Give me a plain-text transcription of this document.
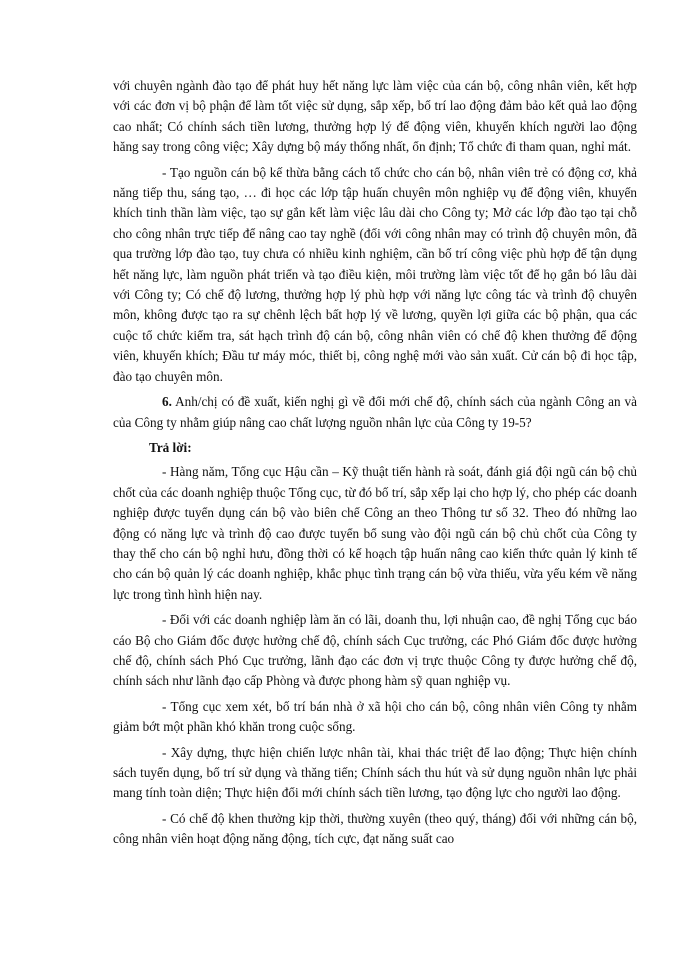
với chuyên ngành đào tạo để phát huy hết năng lực làm việc của cán bộ, công nhân viên, kết hợp với các đơn vị bộ phận để làm tốt việc sử dụng, sắp xếp, bố trí lao động đảm bảo kết quả lao động cao nhất; Có chính sách tiền lương, thưởng hợp lý để động viên, khuyến khích người lao động hăng say trong công việc; Xây dựng bộ máy thống nhất, ổn định; Tổ chức đi tham quan, nghỉ mát.

- Tạo nguồn cán bộ kế thừa bằng cách tổ chức cho cán bộ, nhân viên trẻ có động cơ, khả năng tiếp thu, sáng tạo, … đi học các lớp tập huấn chuyên môn nghiệp vụ để động viên, khuyến khích tinh thần làm việc, tạo sự gắn kết làm việc lâu dài cho Công ty; Mở các lớp đào tạo tại chỗ cho công nhân trực tiếp để nâng cao tay nghề (đối với công nhân may có trình độ chuyên môn, đã qua trường lớp đào tạo, tuy chưa có nhiều kinh nghiệm, cần bố trí công việc phù hợp để tận dụng hết năng lực, làm nguồn phát triển và tạo điều kiện, môi trường làm việc tốt để họ gắn bó lâu dài với Công ty; Có chế độ lương, thưởng hợp lý phù hợp với năng lực công tác và trình độ chuyên môn, không được tạo ra sự chênh lệch bất hợp lý về lương, quyền lợi giữa các bộ phận, qua các cuộc tổ chức kiểm tra, sát hạch trình độ cán bộ, công nhân viên có chế độ khen thưởng để động viên, khuyến khích; Đầu tư máy móc, thiết bị, công nghệ mới vào sản xuất. Cử cán bộ đi học tập, đào tạo chuyên môn.

6. Anh/chị có đề xuất, kiến nghị gì về đổi mới chế độ, chính sách của ngành Công an và của Công ty nhằm giúp nâng cao chất lượng nguồn nhân lực của Công ty 19-5?

Trả lời:

- Hàng năm, Tổng cục Hậu cần – Kỹ thuật tiến hành rà soát, đánh giá đội ngũ cán bộ chủ chốt của các doanh nghiệp thuộc Tổng cục, từ đó bố trí, sắp xếp lại cho hợp lý, cho phép các doanh nghiệp được tuyển dụng cán bộ vào biên chế Công an theo Thông tư số 32. Theo đó những lao động có năng lực và trình độ cao được tuyển bổ sung vào đội ngũ cán bộ chủ chốt của Công ty thay thế cho cán bộ nghỉ hưu, đồng thời có kế hoạch tập huấn nâng cao kiến thức quản lý kinh tế cho cán bộ quản lý các doanh nghiệp, khắc phục tình trạng cán bộ vừa thiếu, vừa yếu kém về năng lực trong tình hình hiện nay.

- Đối với các doanh nghiệp làm ăn có lãi, doanh thu, lợi nhuận cao, đề nghị Tổng cục báo cáo Bộ cho Giám đốc được hưởng chế độ, chính sách Cục trưởng, các Phó Giám đốc được hưởng chế độ, chính sách Phó Cục trưởng, lãnh đạo các đơn vị trực thuộc Công ty được hưởng chế độ, chính sách như lãnh đạo cấp Phòng và được phong hàm sỹ quan nghiệp vụ.

- Tổng cục xem xét, bố trí bán nhà ở xã hội cho cán bộ, công nhân viên Công ty nhằm giảm bớt một phần khó khăn trong cuộc sống.

- Xây dựng, thực hiện chiến lược nhân tài, khai thác triệt để lao động; Thực hiện chính sách tuyển dụng, bố trí sử dụng và thăng tiến; Chính sách thu hút và sử dụng nguồn nhân lực phải mang tính toàn diện; Thực hiện đổi mới chính sách tiền lương, tạo động lực cho người lao động.

- Có chế độ khen thưởng kịp thời, thường xuyên (theo quý, tháng) đối với những cán bộ, công nhân viên hoạt động năng động, tích cực, đạt năng suất cao
